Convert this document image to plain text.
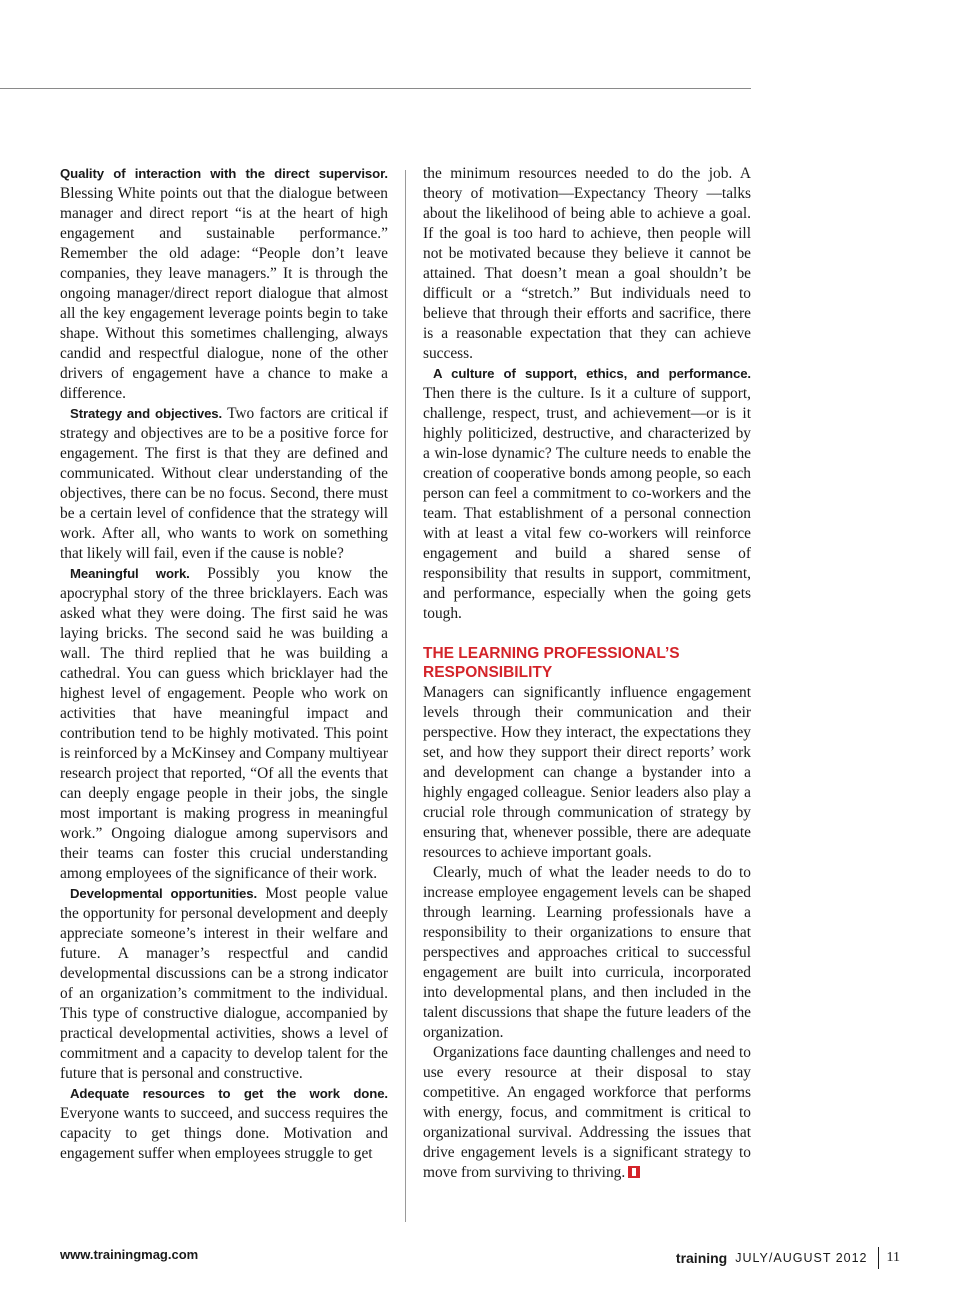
Quality of interaction with the direct supervisor. Blessing White points out that the dialogue between manager and direct report “is at the heart of high engagement and sustainable performance.” Remember the old adage: “People don’t leave companies, they leave managers.” It is through the ongoing manager/direct report dialogue that almost all the key engagement leverage points begin to take shape. Without this sometimes challenging, always candid and respectful dialogue, none of the other drivers of engagement have a chance to make a difference.

Strategy and objectives. Two factors are critical if strategy and objectives are to be a positive force for engagement. The first is that they are defined and communicated. Without clear understanding of the objectives, there can be no focus. Second, there must be a certain level of confidence that the strategy will work. After all, who wants to work on something that likely will fail, even if the cause is noble?

Meaningful work. Possibly you know the apocryphal story of the three bricklayers. Each was asked what they were doing. The first said he was laying bricks. The second said he was building a wall. The third replied that he was building a cathedral. You can guess which bricklayer had the highest level of engagement. People who work on activities that have meaningful impact and contribution tend to be highly motivated. This point is reinforced by a McKinsey and Company multiyear research project that reported, “Of all the events that can deeply engage people in their jobs, the single most important is making progress in meaningful work.” Ongoing dialogue among supervisors and their teams can foster this crucial understanding among employees of the significance of their work.

Developmental opportunities. Most people value the opportunity for personal development and deeply appreciate someone’s interest in their welfare and future. A manager’s respectful and candid developmental discussions can be a strong indicator of an organization’s commitment to the individual. This type of constructive dialogue, accompanied by practical developmental activities, shows a level of commitment and a capacity to develop talent for the future that is personal and constructive.

Adequate resources to get the work done. Everyone wants to succeed, and success requires the capacity to get things done. Motivation and engagement suffer when employees struggle to get

the minimum resources needed to do the job. A theory of motivation—Expectancy Theory —talks about the likelihood of being able to achieve a goal. If the goal is too hard to achieve, then people will not be motivated because they believe it cannot be attained. That doesn’t mean a goal shouldn’t be difficult or a “stretch.” But individuals need to believe that through their efforts and sacrifice, there is a reasonable expectation that they can achieve success.

A culture of support, ethics, and performance. Then there is the culture. Is it a culture of support, challenge, respect, trust, and achievement—or is it highly politicized, destructive, and characterized by a win-lose dynamic? The culture needs to enable the creation of cooperative bonds among people, so each person can feel a commitment to co-workers and the team. That establishment of a personal connection with at least a vital few co-workers will reinforce engagement and build a shared sense of responsibility that results in support, commitment, and performance, especially when the going gets tough.

THE LEARNING PROFESSIONAL’S RESPONSIBILITY

Managers can significantly influence engagement levels through their communication and their perspective. How they interact, the expectations they set, and how they support their direct reports’ work and development can change a bystander into a highly engaged colleague. Senior leaders also play a crucial role through communication of strategy by ensuring that, whenever possible, there are adequate resources to achieve important goals.

Clearly, much of what the leader needs to do to increase employee engagement levels can be shaped through learning. Learning professionals have a responsibility to their organizations to ensure that perspectives and approaches critical to successful engagement are built into curricula, incorporated into developmental plans, and then included in the talent discussions that shape the future leaders of the organization.

Organizations face daunting challenges and need to use every resource at their disposal to stay competitive. An engaged workforce that performs with energy, focus, and commitment is critical to organizational survival. Addressing the issues that drive engagement levels is a significant strategy to move from surviving to thriving.

www.trainingmag.com	training JULY/AUGUST 2012 11
